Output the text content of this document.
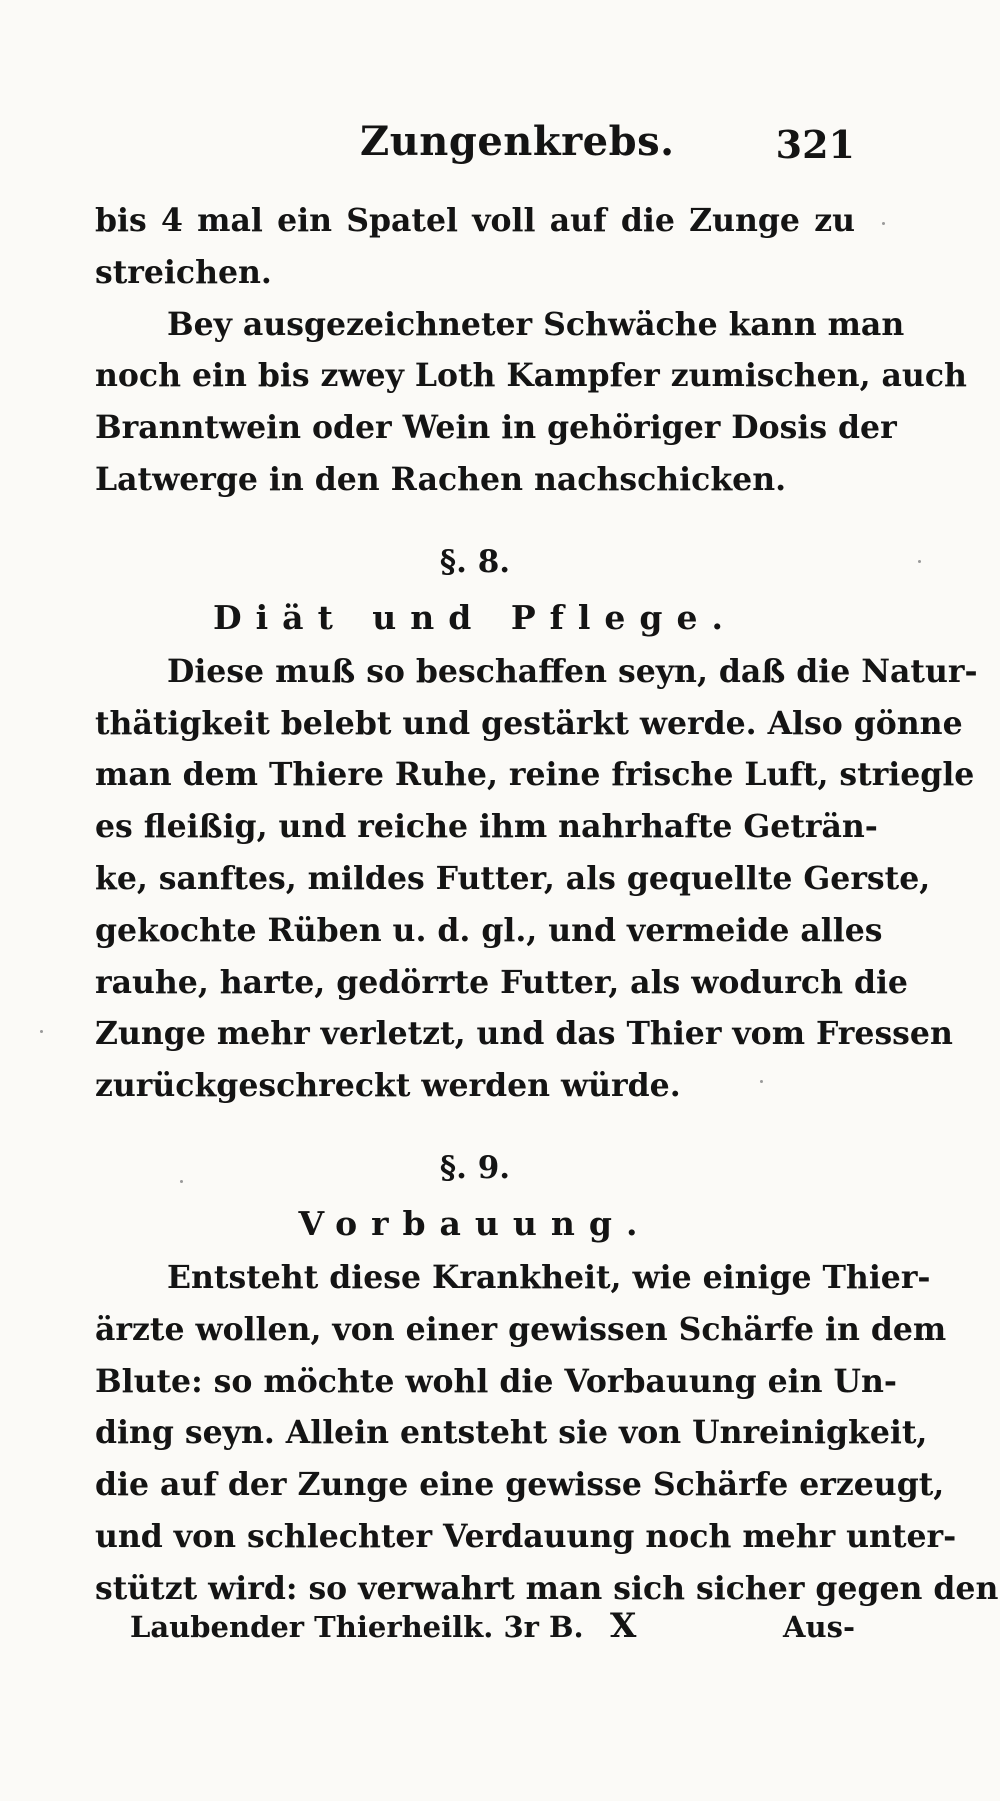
Zungenkrebs.	321
bis 4 mal ein Spatel voll auf die Zunge zu
streichen.
Bey ausgezeichneter Schwäche kann man
noch ein bis zwey Loth Kampfer zumischen, auch
Branntwein oder Wein in gehöriger Dosis der
Latwerge in den Rachen nachschicken.
§. 8.
Diät und Pflege.
Diese muß so beschaffen seyn, daß die Natur-
thätigkeit belebt und gestärkt werde. Also gönne
man dem Thiere Ruhe, reine frische Luft, striegle
es fleißig, und reiche ihm nahrhafte Geträn-
ke, sanftes, mildes Futter, als gequellte Gerste,
gekochte Rüben u. d. gl., und vermeide alles
rauhe, harte, gedörrte Futter, als wodurch die
Zunge mehr verletzt, und das Thier vom Fressen
zurückgeschreckt werden würde.
§. 9.
Vorbauung.
Entsteht diese Krankheit, wie einige Thier-
ärzte wollen, von einer gewissen Schärfe in dem
Blute: so möchte wohl die Vorbauung ein Un-
ding seyn. Allein entsteht sie von Unreinigkeit,
die auf der Zunge eine gewisse Schärfe erzeugt,
und von schlechter Verdauung noch mehr unter-
stützt wird: so verwahrt man sich sicher gegen den
Laubender Thierheilk. 3r B. X	Aus-
